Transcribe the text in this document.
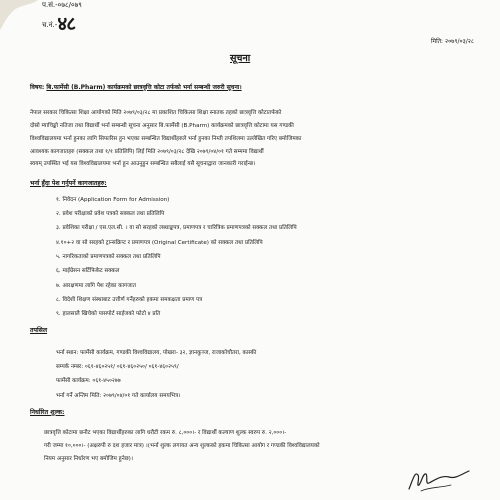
प.सं.-०७८/०७९
च.नं.-४८
मिति: २०७९/०३/२८
सूचना
विषय: बि.फार्मेसी (B.Pharm) कार्यक्रमको छात्रवृत्ति कोटा तर्फको भर्ना सम्बन्धी जरुरी सूचना।
नेपाल सरकार चिकित्सा शिक्षा आयोगको मिति २०७९/०३/२८ मा प्रकाशित चिकित्सा शिक्षा स्नातक तहको छात्रवृत्ति कोटातर्फको
दोस्रो म्याचिङ्को नतिजा तथा विद्यार्थी भर्ना सम्बन्धी सूचना अनुसार बि.फार्मेसी (B.Pharm) कार्यक्रमको छात्रवृत्ति कोटामा यस गण्डकी
विश्वविद्यालयमा भर्ना हुनका लागि सिफारिस हुन भएका सम्बन्धित विद्यार्थीहरुले भर्ना हुनका निम्ती तपशिलमा उल्लेखित गरिए बमोजिमका
आवश्यक कागजातहरु (सक्कल तथा १/१ प्रतिलिपि) लिई मिति २०७९/०३/२८ देखि २०७९/०४/०१ गते सम्ममा विद्यार्थी
स्वयम् उपस्थित भई यस विश्वविद्यालयमा भर्ना हुन आउनुहुन सम्बन्धित सबैलाई यसै सूचनाद्वारा जानकारी गराईन्छ।
भर्ना हुँदा पेश गर्नुपर्ने कागजातहरु:
१. निवेदन (Application Form for Admission)
२. प्रवेश परीक्षाको प्रवेश पत्रको सक्कल तथा प्रतिलिपि
३. प्रवेशिका परीक्षा / एस.एल.सी. । वा सो सरहको लब्धाङ्कपत्र, प्रमाणपत्र र चारित्रिक प्रमाणपत्रको सक्कल तथा प्रतिलिपि
४.१०+२ वा सो सरहको ट्रान्सक्रिप्ट र प्रमाणपत्र (Original Certificate) को सक्कल तथा प्रतिलिपि
५. नागरिकताको प्रमाणपत्रको सक्कल तथा प्रतिलिपि
६. माईग्रेसन सर्टिफिकेट सक्कल
७. आरक्षणमा लागि पेश रहेका कागजात
८. विदेशी शिक्षण संस्थाबाट उत्तीर्ण गर्नेहरुको हकमा समकक्षता प्रमाण पत्र
९. हालसालै खिचेको पासपोर्ट साईजको फोटो ४ प्रति
तपसिल
भर्ना स्थान: फार्मेसी कार्यक्रम, गण्डकी विश्वविद्यालय, पोखरा- ३२, ज्ञानकुञ्ज, राजाकोचौतरा, कास्की
सम्पर्क नम्बर: ०६१-४६०२५१/ ०६१-४६०२५०/ ०६१-४६०२५९/
फार्मेसी कार्यक्रम: ०६१-४५०२७७
भर्ना गर्ने अन्तिम मिति: २०७९/०४/०१ गते कार्यालय समयभित्र।
निर्धारित शुल्क:
छात्रवृत्ति कोटामा छनौट भएका विद्यार्थीहरुका लागि धरौटी रकम रु. ८,०००।- र विद्यार्थी कल्याण शुल्क स्वरुप रु. २,०००।-
गरी जम्मा १०,०००।- (अक्षरुपी रु दश हजार मात्र) ।(भर्ना शुल्क लगायत अन्य शुल्कको हकमा चिकित्सा आयोग र गण्डकी विश्वविद्यालयको
नियम अनुसार निर्धारण भए बमोजिम हुनेछ)।
